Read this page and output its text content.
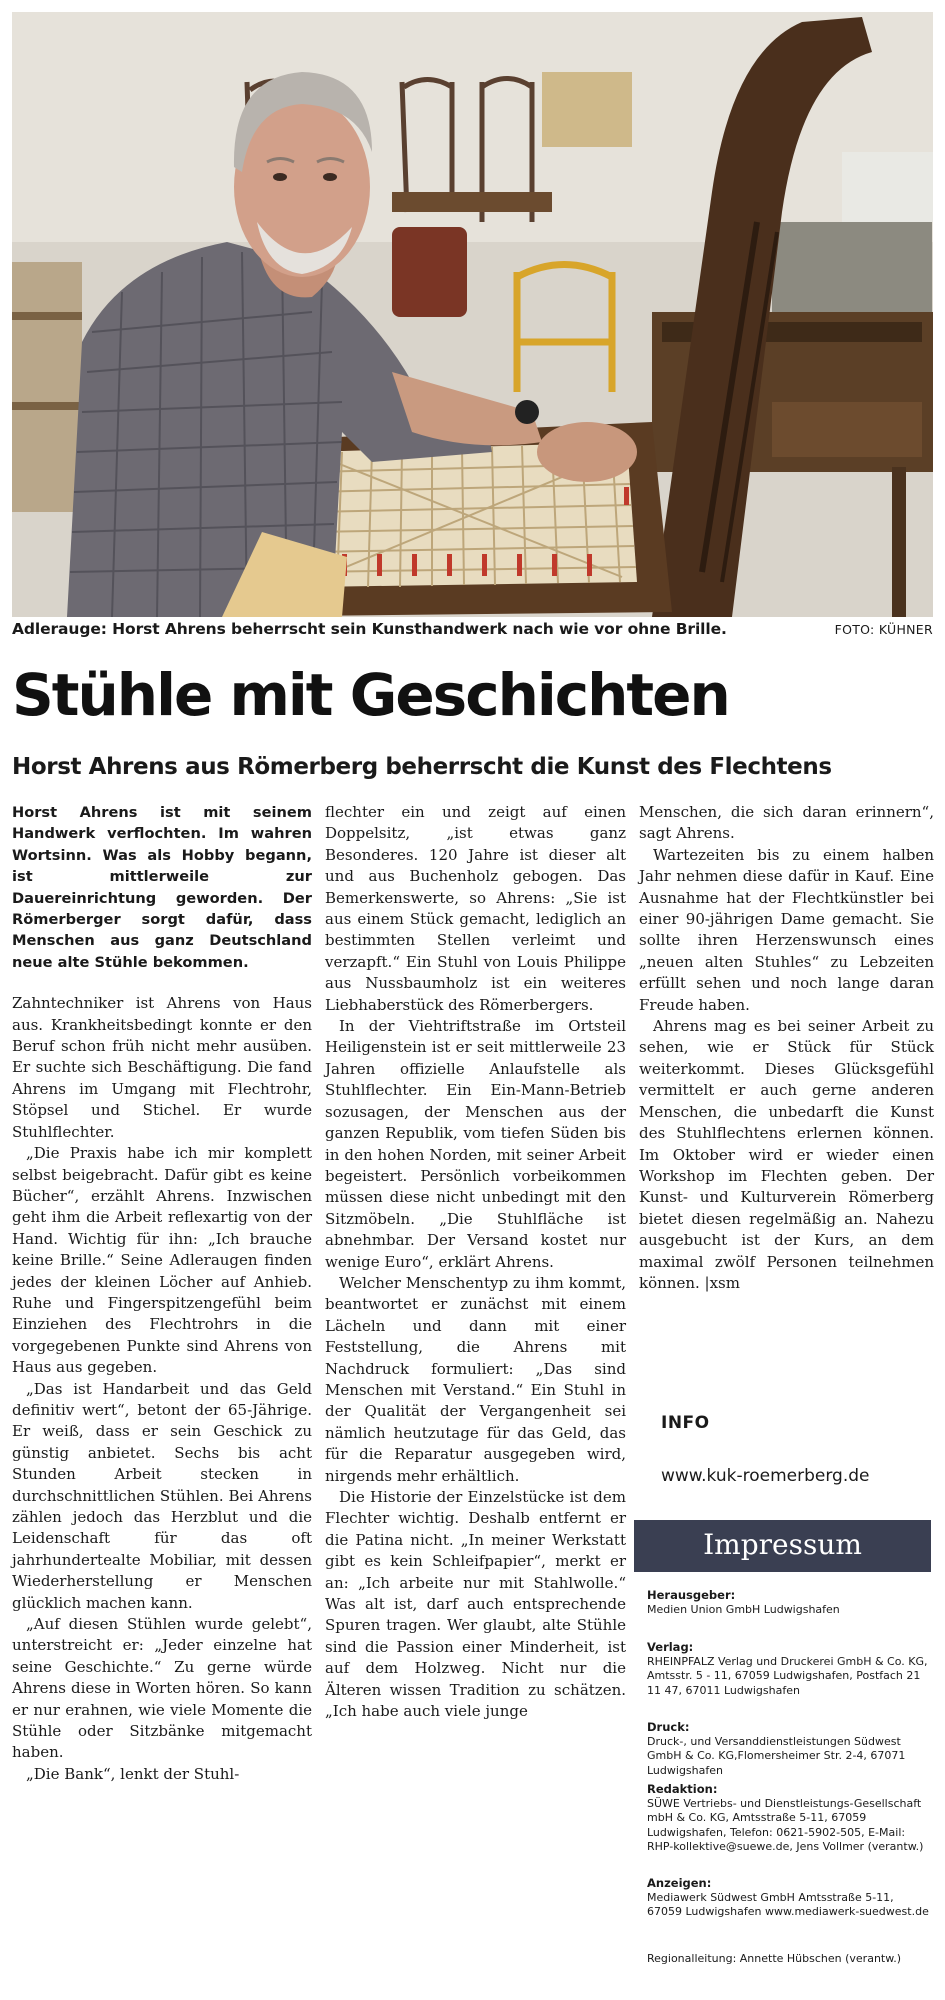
Adlerauge: Horst Ahrens beherrscht sein Kunsthandwerk nach wie vor ohne Brille.	FOTO: KÜHNER
Stühle mit Geschichten
Horst Ahrens aus Römerberg beherrscht die Kunst des Flechtens

Horst Ahrens ist mit seinem Handwerk verflochten. Im wahren Wortsinn. Was als Hobby begann, ist mittlerweile zur Dauereinrichtung geworden. Der Römerberger sorgt dafür, dass Menschen aus ganz Deutschland neue alte Stühle bekommen.

Zahntechniker ist Ahrens von Haus aus. Krankheitsbedingt konnte er den Beruf schon früh nicht mehr ausüben. Er suchte sich Beschäftigung. Die fand Ahrens im Umgang mit Flechtrohr, Stöpsel und Stichel. Er wurde Stuhlflechter.

„Die Praxis habe ich mir komplett selbst beigebracht. Dafür gibt es keine Bücher“, erzählt Ahrens. Inzwischen geht ihm die Arbeit reflexartig von der Hand. Wichtig für ihn: „Ich brauche keine Brille.“ Seine Adleraugen finden jedes der kleinen Löcher auf Anhieb. Ruhe und Fingerspitzengefühl beim Einziehen des Flechtrohrs in die vorgegebenen Punkte sind Ahrens von Haus aus gegeben.

„Das ist Handarbeit und das Geld definitiv wert“, betont der 65-Jährige. Er weiß, dass er sein Geschick zu günstig anbietet. Sechs bis acht Stunden Arbeit stecken in durchschnittlichen Stühlen. Bei Ahrens zählen jedoch das Herzblut und die Leidenschaft für das oft jahrhundertealte Mobiliar, mit dessen Wiederherstellung er Menschen glücklich machen kann.

„Auf diesen Stühlen wurde gelebt“, unterstreicht er: „Jeder einzelne hat seine Geschichte.“ Zu gerne würde Ahrens diese in Worten hören. So kann er nur erahnen, wie viele Momente die Stühle oder Sitzbänke mitgemacht haben.

„Die Bank“, lenkt der Stuhl-

flechter ein und zeigt auf einen Doppelsitz, „ist etwas ganz Besonderes. 120 Jahre ist dieser alt und aus Buchenholz gebogen. Das Bemerkenswerte, so Ahrens: „Sie ist aus einem Stück gemacht, lediglich an bestimmten Stellen verleimt und verzapft.“ Ein Stuhl von Louis Philippe aus Nussbaumholz ist ein weiteres Liebhaberstück des Römerbergers.

In der Viehtriftstraße im Ortsteil Heiligenstein ist er seit mittlerweile 23 Jahren offizielle Anlaufstelle als Stuhlflechter. Ein Ein-Mann-Betrieb sozusagen, der Menschen aus der ganzen Republik, vom tiefen Süden bis in den hohen Norden, mit seiner Arbeit begeistert. Persönlich vorbeikommen müssen diese nicht unbedingt mit den Sitzmöbeln. „Die Stuhlfläche ist abnehmbar. Der Versand kostet nur wenige Euro“, erklärt Ahrens.

Welcher Menschentyp zu ihm kommt, beantwortet er zunächst mit einem Lächeln und dann mit einer Feststellung, die Ahrens mit Nachdruck formuliert: „Das sind Menschen mit Verstand.“ Ein Stuhl in der Qualität der Vergangenheit sei nämlich heutzutage für das Geld, das für die Reparatur ausgegeben wird, nirgends mehr erhältlich.

Die Historie der Einzelstücke ist dem Flechter wichtig. Deshalb entfernt er die Patina nicht. „In meiner Werkstatt gibt es kein Schleifpapier“, merkt er an: „Ich arbeite nur mit Stahlwolle.“ Was alt ist, darf auch entsprechende Spuren tragen. Wer glaubt, alte Stühle sind die Passion einer Minderheit, ist auf dem Holzweg. Nicht nur die Älteren wissen Tradition zu schätzen. „Ich habe auch viele junge

Menschen, die sich daran erinnern“, sagt Ahrens.

Wartezeiten bis zu einem halben Jahr nehmen diese dafür in Kauf. Eine Ausnahme hat der Flechtkünstler bei einer 90-jährigen Dame gemacht. Sie sollte ihren Herzenswunsch eines „neuen alten Stuhles“ zu Lebzeiten erfüllt sehen und noch lange daran Freude haben.

Ahrens mag es bei seiner Arbeit zu sehen, wie er Stück für Stück weiterkommt. Dieses Glücksgefühl vermittelt er auch gerne anderen Menschen, die unbedarft die Kunst des Stuhlflechtens erlernen können. Im Oktober wird er wieder einen Workshop im Flechten geben. Der Kunst- und Kulturverein Römerberg bietet diesen regelmäßig an. Nahezu ausgebucht ist der Kurs, an dem maximal zwölf Personen teilnehmen können. |xsm

INFO
www.kuk-roemerberg.de
Impressum
Herausgeber:
Medien Union GmbH Ludwigshafen
Verlag:
RHEINPFALZ Verlag und Druckerei GmbH & Co. KG, Amtsstr. 5 - 11, 67059 Ludwigshafen, Postfach 21 11 47, 67011 Ludwigshafen
Druck:
Druck-, und Versanddienstleistungen Südwest GmbH & Co. KG,Flomersheimer Str. 2-4, 67071 Ludwigshafen
Redaktion:
SÜWE Vertriebs- und Dienstleistungs-Gesellschaft mbH & Co. KG, Amtsstraße 5-11, 67059 Ludwigshafen, Telefon: 0621-5902-505, E-Mail: RHP-kollektive@suewe.de, Jens Vollmer (verantw.)
Anzeigen:
Mediawerk Südwest GmbH Amtsstraße 5-11, 67059 Ludwigshafen www.mediawerk-suedwest.de
Regionalleitung: Annette Hübschen (verantw.)
